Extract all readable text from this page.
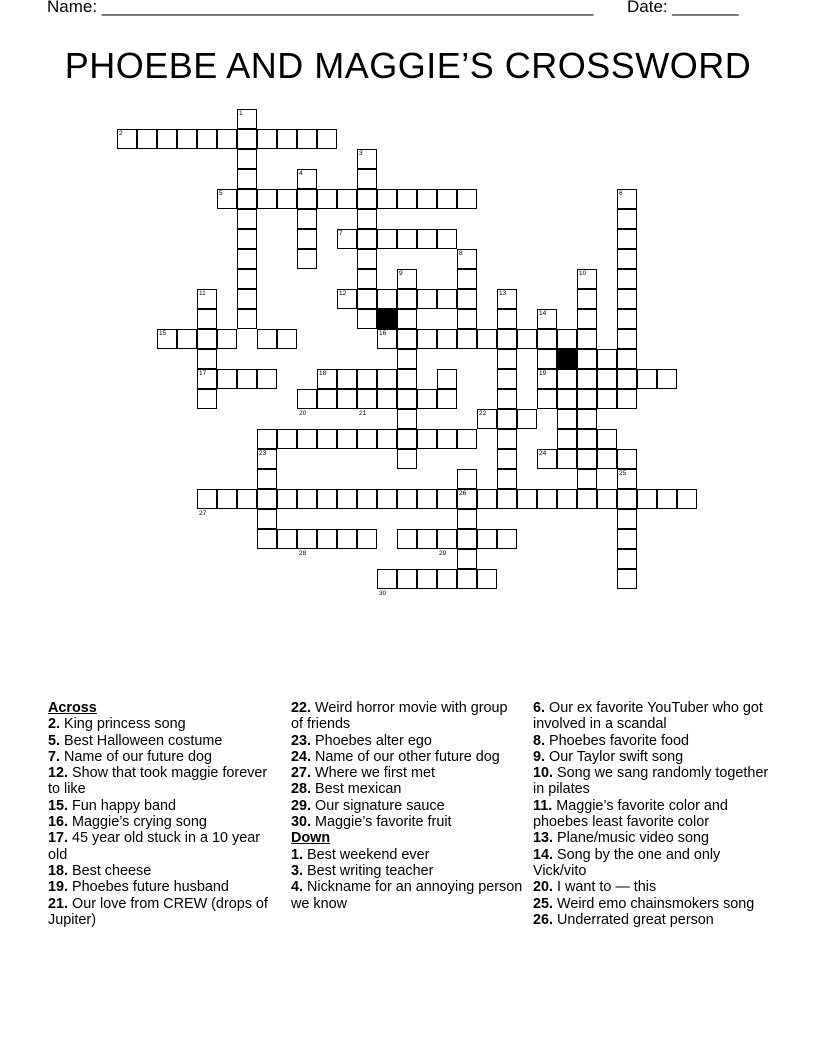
Name: ____________________________________________________ Date: _______
PHOEBE AND MAGGIE’S CROSSWORD
1
2
3
4
5	6
7
8
9	10
11	12	13
14
15	16
17	18	19
20	21	22
23	24
25
26
27
28	29
30
Across
2. King princess song
5. Best Halloween costume
7. Name of our future dog
12. Show that took maggie forever to like
15. Fun happy band
16. Maggie’s crying song
17. 45 year old stuck in a 10 year old
18. Best cheese
19. Phoebes future husband
21. Our love from CREW (drops of Jupiter)
22. Weird horror movie with group of friends
23. Phoebes alter ego
24. Name of our other future dog
27. Where we first met
28. Best mexican
29. Our signature sauce
30. Maggie’s favorite fruit
Down
1. Best weekend ever
3. Best writing teacher
4. Nickname for an annoying person we know
6. Our ex favorite YouTuber who got involved in a scandal
8. Phoebes favorite food
9. Our Taylor swift song
10. Song we sang randomly together in pilates
11. Maggie’s favorite color and phoebes least favorite color
13. Plane/music video song
14. Song by the one and only Vick/vito
20. I want to — this
25. Weird emo chainsmokers song
26. Underrated great person
